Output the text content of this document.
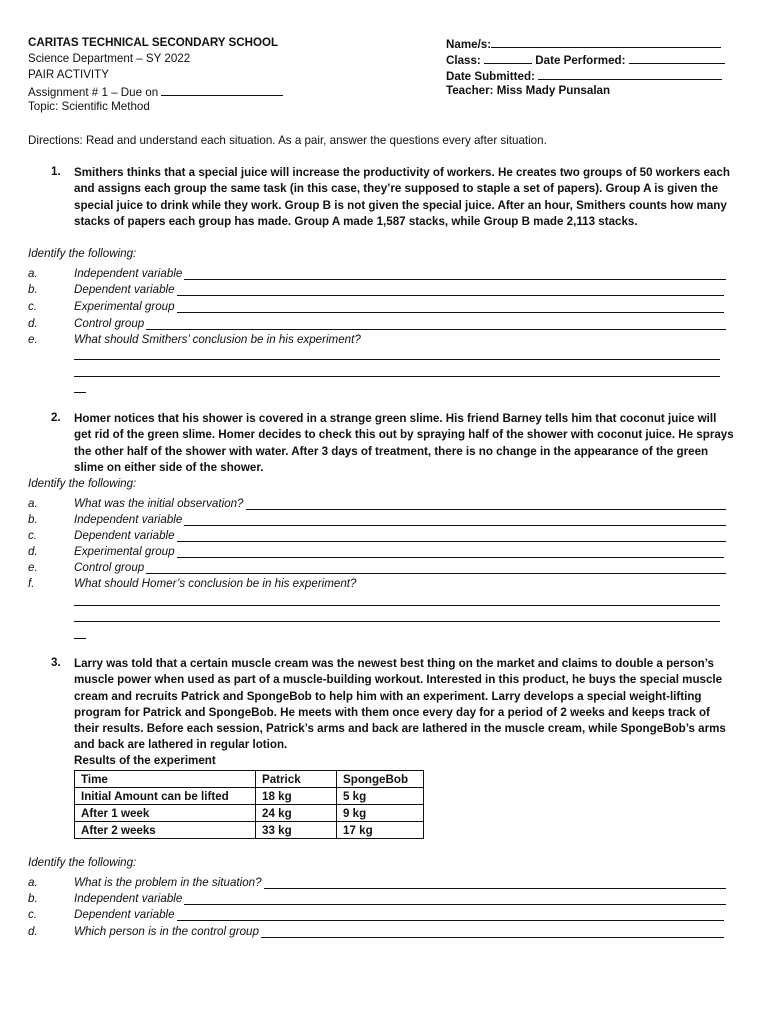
CARITAS TECHNICAL SECONDARY SCHOOL
Science Department – SY 2022
PAIR ACTIVITY
Assignment # 1 – Due on
Topic: Scientific Method
Name/s:
Class:	Date Performed:
Date Submitted:
Teacher: Miss Mady Punsalan
Directions: Read and understand each situation. As a pair, answer the questions every after situation.
1. Smithers thinks that a special juice will increase the productivity of workers. He creates two groups of 50 workers each and assigns each group the same task (in this case, they’re supposed to staple a set of papers). Group A is given the special juice to drink while they work. Group B is not given the special juice. After an hour, Smithers counts how many stacks of papers each group has made. Group A made 1,587 stacks, while Group B made 2,113 stacks.
Identify the following:
a.	Independent variable
b.	Dependent variable
c.	Experimental group
d.	Control group
e.	What should Smithers’ conclusion be in his experiment?
2. Homer notices that his shower is covered in a strange green slime. His friend Barney tells him that coconut juice will get rid of the green slime. Homer decides to check this out by spraying half of the shower with coconut juice. He sprays the other half of the shower with water. After 3 days of treatment, there is no change in the appearance of the green slime on either side of the shower.
Identify the following:
a.	What was the initial observation?
b.	Independent variable
c.	Dependent variable
d.	Experimental group
e.	Control group
f.	What should Homer’s conclusion be in his experiment?
3. Larry was told that a certain muscle cream was the newest best thing on the market and claims to double a person’s muscle power when used as part of a muscle-building workout. Interested in this product, he buys the special muscle cream and recruits Patrick and SpongeBob to help him with an experiment. Larry develops a special weight-lifting program for Patrick and SpongeBob. He meets with them once every day for a period of 2 weeks and keeps track of their results. Before each session, Patrick’s arms and back are lathered in the muscle cream, while SpongeBob’s arms and back are lathered in regular lotion.
Results of the experiment
Time	Patrick	SpongeBob
Initial Amount can be lifted	18 kg	5 kg
After 1 week	24 kg	9 kg
After 2 weeks	33 kg	17 kg
Identify the following:
a.	What is the problem in the situation?
b.	Independent variable
c.	Dependent variable
d.	Which person is in the control group
